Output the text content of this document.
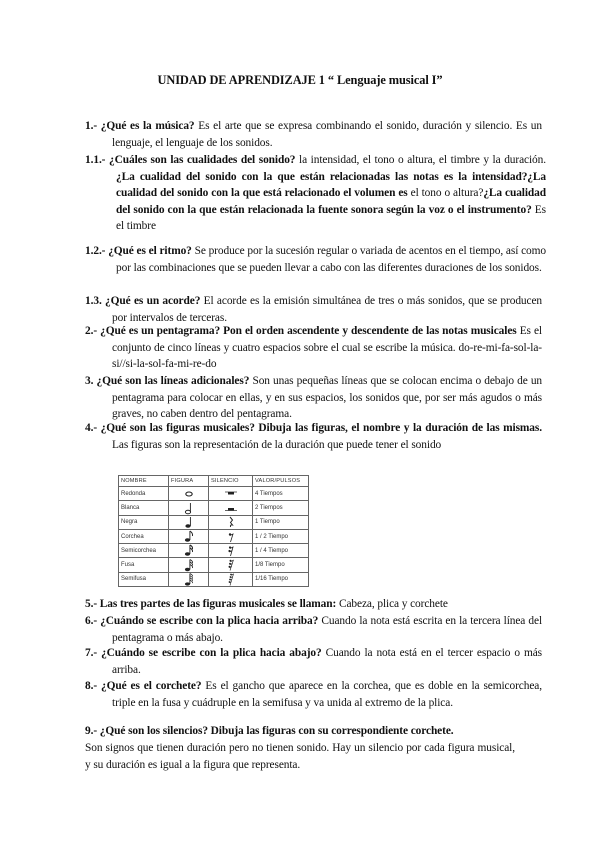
UNIDAD DE APRENDIZAJE 1 “ Lenguaje musical I”
1.- ¿Qué es la música? Es el arte que se expresa combinando el sonido, duración y silencio. Es un lenguaje, el lenguaje de los sonidos.
1.1.- ¿Cuáles son las cualidades del sonido? la intensidad, el tono o altura, el timbre y la duración. ¿La cualidad del sonido con la que están relacionadas las notas es la intensidad?¿La cualidad del sonido con la que está relacionado el volumen es el tono o altura?¿La cualidad del sonido con la que están relacionada la fuente sonora según la voz o el instrumento? Es el timbre
1.2.- ¿Qué es el ritmo? Se produce por la sucesión regular o variada de acentos en el tiempo, así como por las combinaciones que se pueden llevar a cabo con las diferentes duraciones de los sonidos.
1.3. ¿Qué es un acorde? El acorde es la emisión simultánea de tres o más sonidos, que se producen por intervalos de terceras.
2.- ¿Qué es un pentagrama? Pon el orden ascendente y descendente de las notas musicales Es el conjunto de cinco líneas y cuatro espacios sobre el cual se escribe la música. do-re-mi-fa-sol-la-si//si-la-sol-fa-mi-re-do
3. ¿Qué son las líneas adicionales? Son unas pequeñas líneas que se colocan encima o debajo de un pentagrama para colocar en ellas, y en sus espacios, los sonidos que, por ser más agudos o más graves, no caben dentro del pentagrama.
4.- ¿Qué son las figuras musicales? Dibuja las figuras, el nombre y la duración de las mismas. Las figuras son la representación de la duración que puede tener el sonido
NOMBRE	FIGURA	SILENCIO	VALOR/PULSOS
Redonda			4 Tiempos
Blanca			2 Tiempos
Negra			1 Tiempo
Corchea			1 / 2 Tiempo
Semicorchea			1 / 4 Tiempo
Fusa			1/8 Tiempo
Semifusa			1/16 Tiempo
5.- Las tres partes de las figuras musicales se llaman: Cabeza, plica y corchete
6.- ¿Cuándo se escribe con la plica hacia arriba? Cuando la nota está escrita en la tercera línea del pentagrama o más abajo.
7.- ¿Cuándo se escribe con la plica hacia abajo? Cuando la nota está en el tercer espacio o más arriba.
8.- ¿Qué es el corchete? Es el gancho que aparece en la corchea, que es doble en la semicorchea, triple en la fusa y cuádruple en la semifusa y va unida al extremo de la plica.
9.- ¿Qué son los silencios? Dibuja las figuras con su correspondiente corchete.
Son signos que tienen duración pero no tienen sonido. Hay un silencio por cada figura musical, y su duración es igual a la figura que representa.
